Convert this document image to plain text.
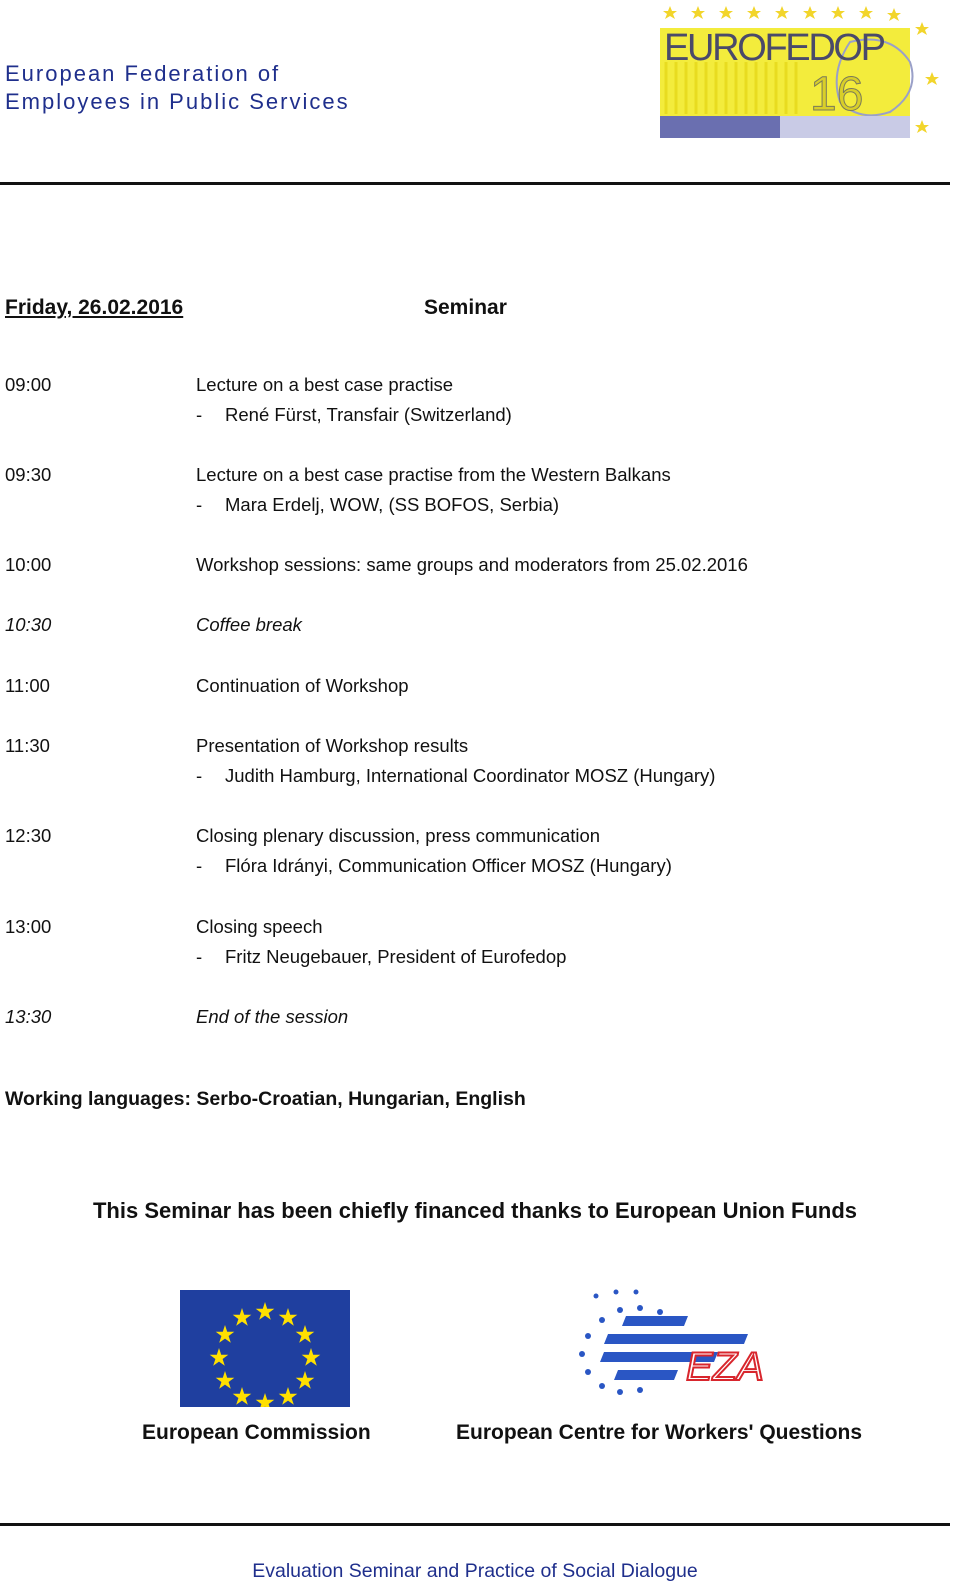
European Federation of
Employees in Public Services
EUROFEDOP
16
Friday, 26.02.2016	Seminar
09:00	Lecture on a best case practise
- René Fürst, Transfair (Switzerland)
09:30	Lecture on a best case practise from the Western Balkans
- Mara Erdelj, WOW, (SS BOFOS, Serbia)
10:00	Workshop sessions: same groups and moderators from 25.02.2016
10:30	Coffee break
11:00	Continuation of Workshop
11:30	Presentation of Workshop results
- Judith Hamburg, International Coordinator MOSZ (Hungary)
12:30	Closing plenary discussion, press communication
- Flóra Idrányi, Communication Officer MOSZ (Hungary)
13:00	Closing speech
- Fritz Neugebauer, President of Eurofedop
13:30	End of the session
Working languages: Serbo-Croatian, Hungarian, English
This Seminar has been chiefly financed thanks to European Union Funds
EZA
European Commission	European Centre for Workers' Questions
Evaluation Seminar and Practice of Social Dialogue
